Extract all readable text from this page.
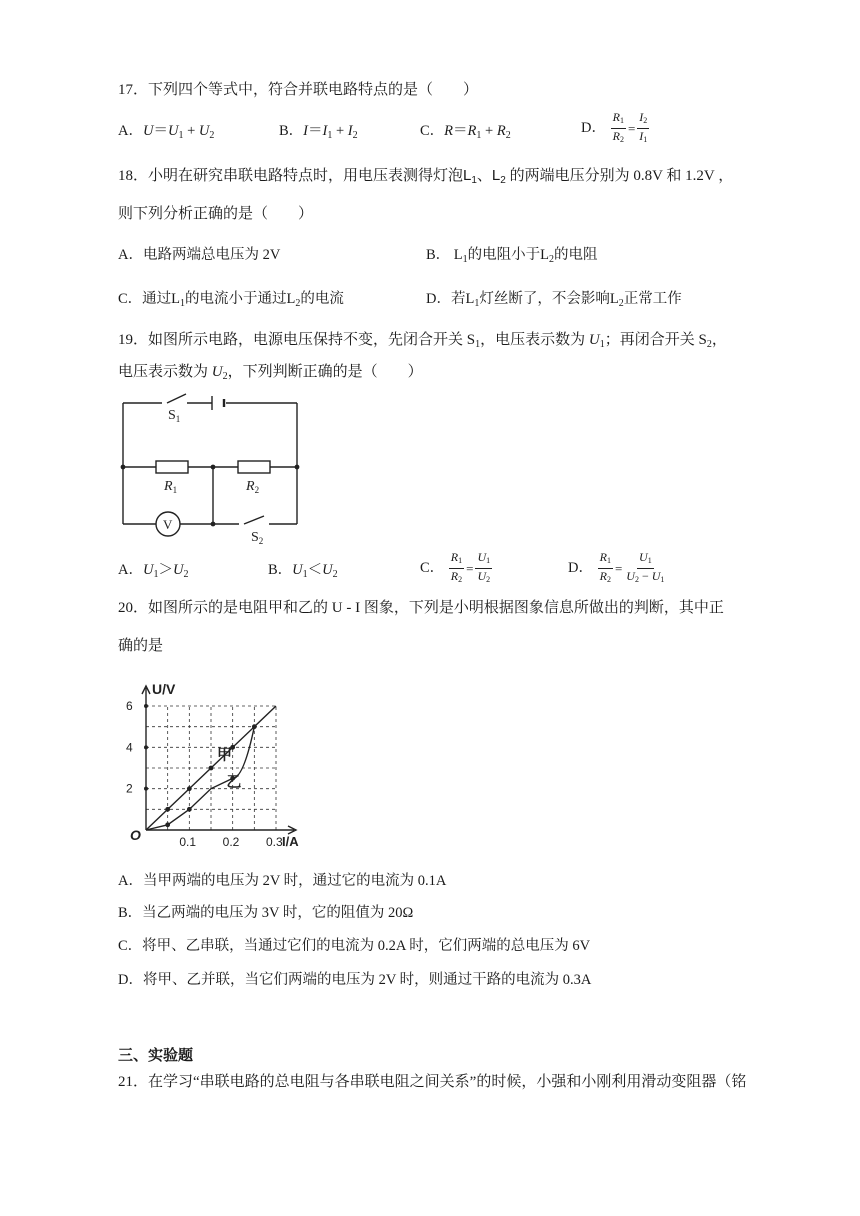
17．下列四个等式中，符合并联电路特点的是（　　）
A．$U=U_1 + U_2$	B．$I=I_1 + I_2$	C．$R=R_1 + R_2$	D． $\frac{R_1}{R_2} = \frac{I_2}{I_1}$
18．小明在研究串联电路特点时，用电压表测得灯泡$L_1$、$L_2$ 的两端电压分别为 0.8V 和 1.2V ，
则下列分析正确的是（　　）
A．电路两端总电压为 2V	B． $L_1$的电阻小于$L_2$的电阻
C．通过$L_1$的电流小于通过$L_2$的电流	D．若$L_1$灯丝断了，不会影响$L_2$正常工作
19．如图所示电路，电源电压保持不变，先闭合开关 $S_1$，电压表示数为 $U_1$；再闭合开关 $S_2$，
电压表示数为 $U_2$，下列判断正确的是（　　）
$S_1$
$R_1$	$R_2$
V
$S_2$
A．$U_1>U_2$	B．$U_1<U_2$	C． $\frac{R_1}{R_2} = \frac{U_1}{U_2}$	D． $\frac{R_1}{R_2} = \frac{U_1}{U_2 - U_1}$
20．如图所示的是电阻甲和乙的 U - I 图象，下列是小明根据图象信息所做出的判断，其中正
确的是
2
4
6
0.1 0.2 0.3
O
U/V
I/A
甲
乙
A．当甲两端的电压为 2V 时，通过它的电流为 0.1A
B．当乙两端的电压为 3V 时，它的阻值为 20Ω
C．将甲、乙串联，当通过它们的电流为 0.2A 时，它们两端的总电压为 6V
D．将甲、乙并联，当它们两端的电压为 2V 时，则通过干路的电流为 0.3A
三、实验题
21．在学习“串联电路的总电阻与各串联电阻之间关系”的时候，小强和小刚利用滑动变阻器（铭
